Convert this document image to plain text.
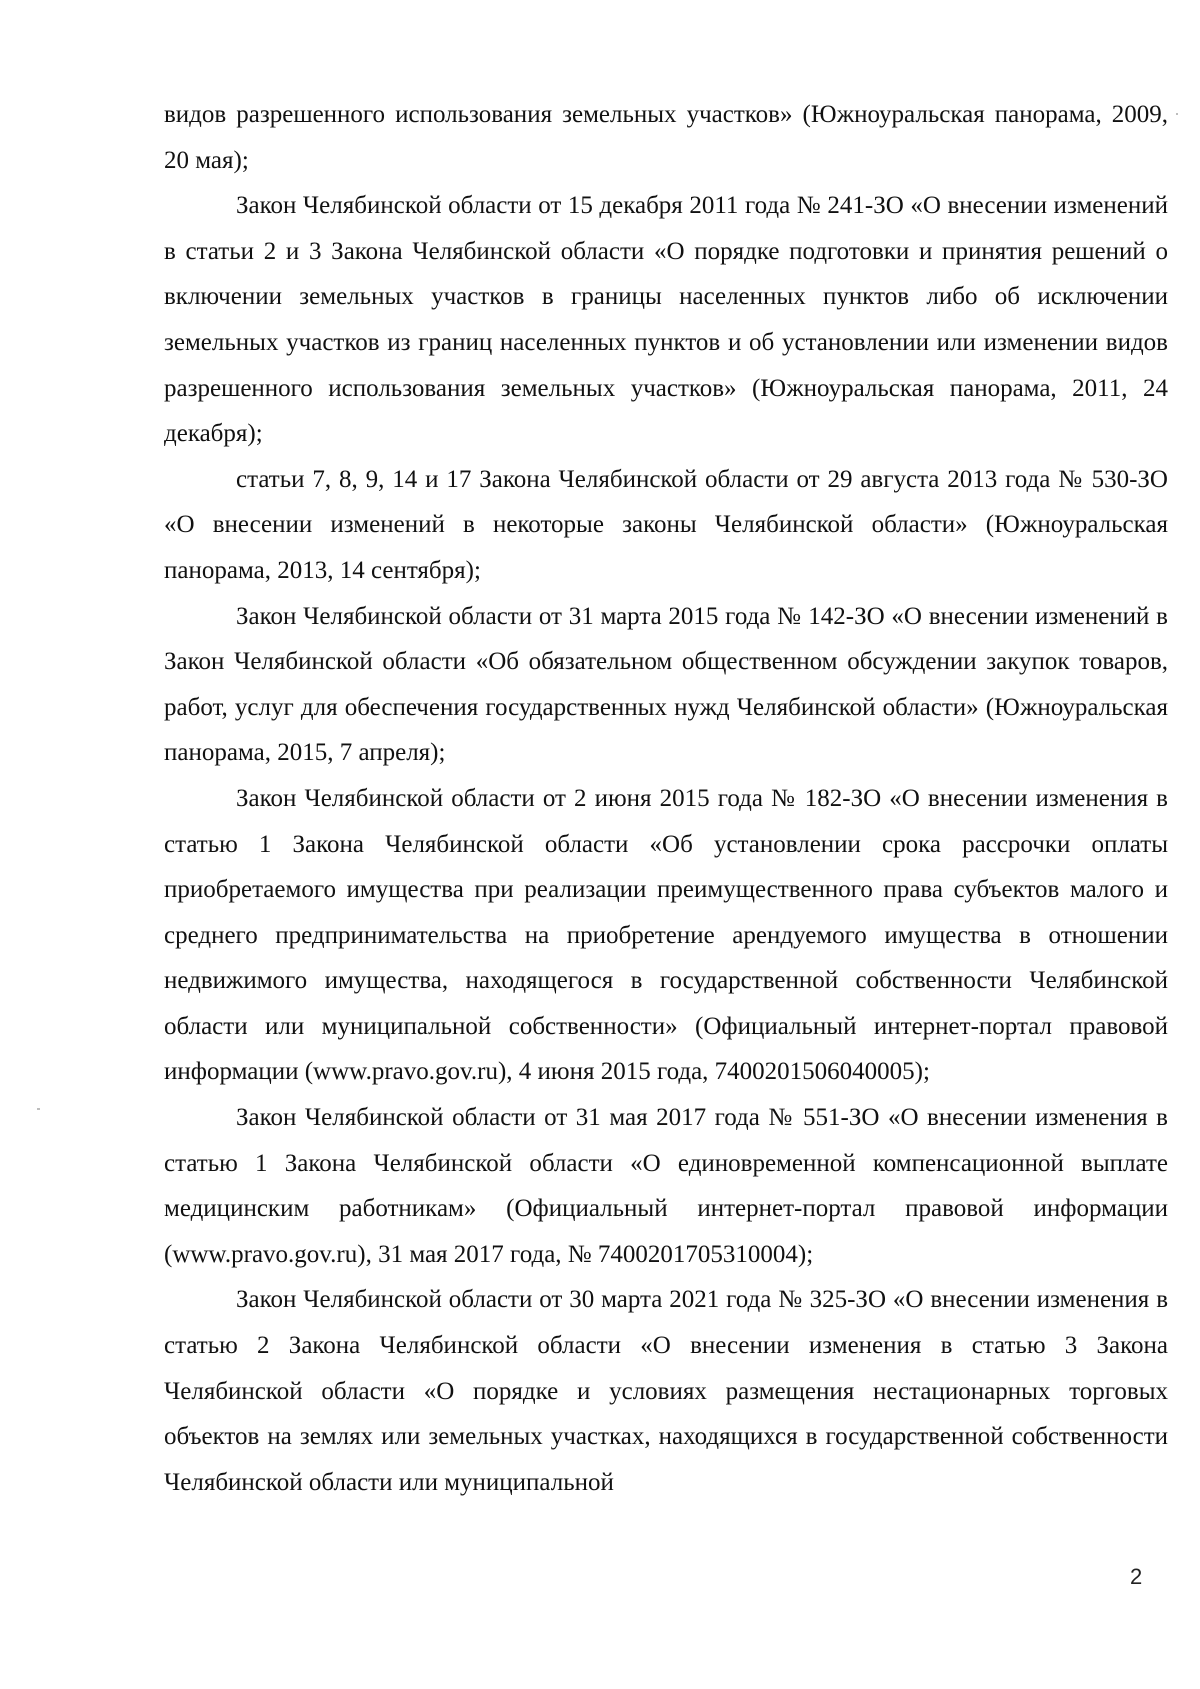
видов разрешенного использования земельных участков» (Южноуральская панорама, 2009, 20 мая);

Закон Челябинской области от 15 декабря 2011 года № 241-ЗО «О внесении изменений в статьи 2 и 3 Закона Челябинской области «О порядке подготовки и принятия решений о включении земельных участков в границы населенных пунктов либо об исключении земельных участков из границ населенных пунктов и об установлении или изменении видов разрешенного использования земельных участков» (Южноуральская панорама, 2011, 24 декабря);

статьи 7, 8, 9, 14 и 17 Закона Челябинской области от 29 августа 2013 года № 530-ЗО «О внесении изменений в некоторые законы Челябинской области» (Южноуральская панорама, 2013, 14 сентября);

Закон Челябинской области от 31 марта 2015 года № 142-ЗО «О внесении изменений в Закон Челябинской области «Об обязательном общественном обсуждении закупок товаров, работ, услуг для обеспечения государственных нужд Челябинской области» (Южноуральская панорама, 2015, 7 апреля);

Закон Челябинской области от 2 июня 2015 года № 182-ЗО «О внесении изменения в статью 1 Закона Челябинской области «Об установлении срока рассрочки оплаты приобретаемого имущества при реализации преимущественного права субъектов малого и среднего предпринимательства на приобретение арендуемого имущества в отношении недвижимого имущества, находящегося в государственной собственности Челябинской области или муниципальной собственности» (Официальный интернет-портал правовой информации (www.pravo.gov.ru), 4 июня 2015 года, 7400201506040005);

Закон Челябинской области от 31 мая 2017 года № 551-ЗО «О внесении изменения в статью 1 Закона Челябинской области «О единовременной компенсационной выплате медицинским работникам» (Официальный интернет-портал правовой информации (www.pravo.gov.ru), 31 мая 2017 года, № 7400201705310004);

Закон Челябинской области от 30 марта 2021 года № 325-ЗО «О внесении изменения в статью 2 Закона Челябинской области «О внесении изменения в статью 3 Закона Челябинской области «О порядке и условиях размещения нестационарных торговых объектов на землях или земельных участках, находящихся в государственной собственности Челябинской области или муниципальной

2
